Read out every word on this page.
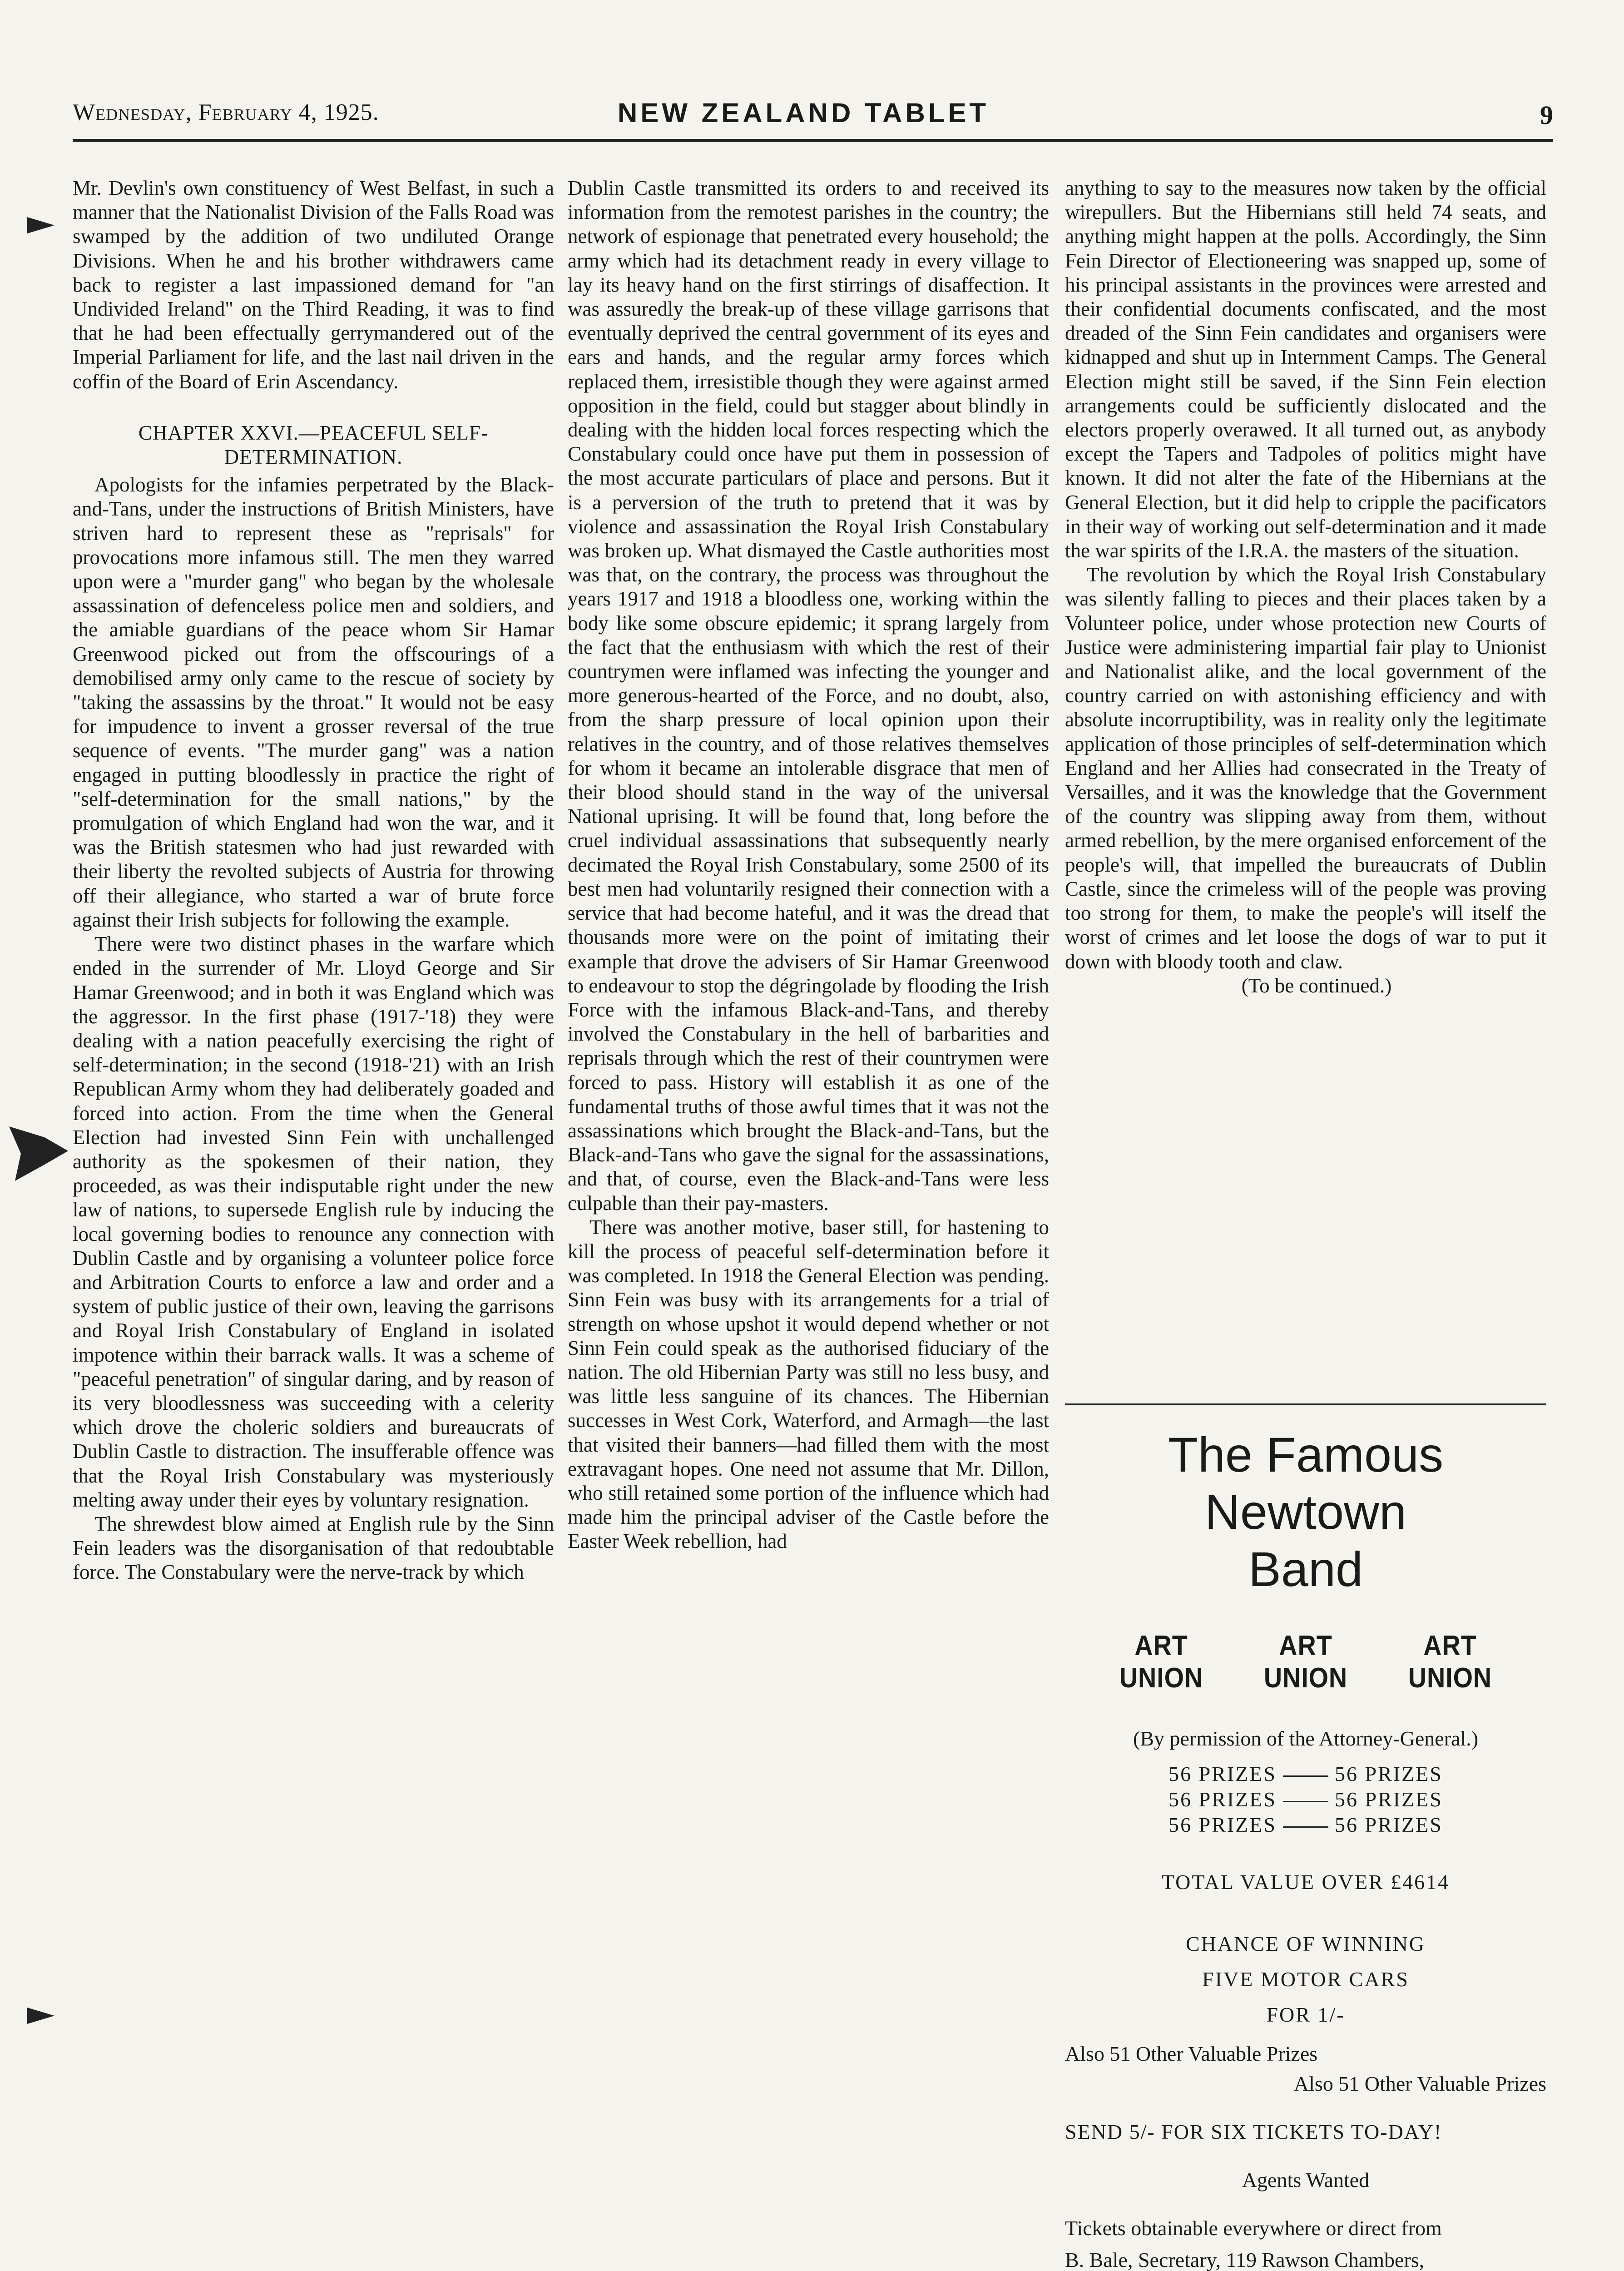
Wednesday, February 4, 1925.	NEW ZEALAND TABLET	9

Mr. Devlin's own constituency of West Belfast, in such a manner that the Nationalist Division of the Falls Road was swamped by the addition of two undiluted Orange Divisions. When he and his brother withdrawers came back to register a last impassioned demand for "an Undivided Ireland" on the Third Reading, it was to find that he had been effectually gerrymandered out of the Imperial Parliament for life, and the last nail driven in the coffin of the Board of Erin Ascendancy.

CHAPTER XXVI.—PEACEFUL SELF-DETERMINATION.

Apologists for the infamies perpetrated by the Black-and-Tans, under the instructions of British Ministers, have striven hard to represent these as "reprisals" for provocations more infamous still. The men they warred upon were a "murder gang" who began by the wholesale assassination of defenceless police men and soldiers, and the amiable guardians of the peace whom Sir Hamar Greenwood picked out from the offscourings of a demobilised army only came to the rescue of society by "taking the assassins by the throat." It would not be easy for impudence to invent a grosser reversal of the true sequence of events. "The murder gang" was a nation engaged in putting bloodlessly in practice the right of "self-determination for the small nations," by the promulgation of which England had won the war, and it was the British statesmen who had just rewarded with their liberty the revolted subjects of Austria for throwing off their allegiance, who started a war of brute force against their Irish subjects for following the example.

There were two distinct phases in the warfare which ended in the surrender of Mr. Lloyd George and Sir Hamar Greenwood; and in both it was England which was the aggressor. In the first phase (1917-'18) they were dealing with a nation peacefully exercising the right of self-determination; in the second (1918-'21) with an Irish Republican Army whom they had deliberately goaded and forced into action. From the time when the General Election had invested Sinn Fein with unchallenged authority as the spokesmen of their nation, they proceeded, as was their indisputable right under the new law of nations, to supersede English rule by inducing the local governing bodies to renounce any connection with Dublin Castle and by organising a volunteer police force and Arbitration Courts to enforce a law and order and a system of public justice of their own, leaving the garrisons and Royal Irish Constabulary of England in isolated impotence within their barrack walls. It was a scheme of "peaceful penetration" of singular daring, and by reason of its very bloodlessness was succeeding with a celerity which drove the choleric soldiers and bureaucrats of Dublin Castle to distraction. The insufferable offence was that the Royal Irish Constabulary was mysteriously melting away under their eyes by voluntary resignation.

The shrewdest blow aimed at English rule by the Sinn Fein leaders was the disorganisation of that redoubtable force. The Constabulary were the nerve-track by which

Dublin Castle transmitted its orders to and received its information from the remotest parishes in the country; the network of espionage that penetrated every household; the army which had its detachment ready in every village to lay its heavy hand on the first stirrings of disaffection. It was assuredly the break-up of these village garrisons that eventually deprived the central government of its eyes and ears and hands, and the regular army forces which replaced them, irresistible though they were against armed opposition in the field, could but stagger about blindly in dealing with the hidden local forces respecting which the Constabulary could once have put them in possession of the most accurate particulars of place and persons. But it is a perversion of the truth to pretend that it was by violence and assassination the Royal Irish Constabulary was broken up. What dismayed the Castle authorities most was that, on the contrary, the process was throughout the years 1917 and 1918 a bloodless one, working within the body like some obscure epidemic; it sprang largely from the fact that the enthusiasm with which the rest of their countrymen were inflamed was infecting the younger and more generous-hearted of the Force, and no doubt, also, from the sharp pressure of local opinion upon their relatives in the country, and of those relatives themselves for whom it became an intolerable disgrace that men of their blood should stand in the way of the universal National uprising. It will be found that, long before the cruel individual assassinations that subsequently nearly decimated the Royal Irish Constabulary, some 2500 of its best men had voluntarily resigned their connection with a service that had become hateful, and it was the dread that thousands more were on the point of imitating their example that drove the advisers of Sir Hamar Greenwood to endeavour to stop the dégringolade by flooding the Irish Force with the infamous Black-and-Tans, and thereby involved the Constabulary in the hell of barbarities and reprisals through which the rest of their countrymen were forced to pass. History will establish it as one of the fundamental truths of those awful times that it was not the assassinations which brought the Black-and-Tans, but the Black-and-Tans who gave the signal for the assassinations, and that, of course, even the Black-and-Tans were less culpable than their pay-masters.

There was another motive, baser still, for hastening to kill the process of peaceful self-determination before it was completed. In 1918 the General Election was pending. Sinn Fein was busy with its arrangements for a trial of strength on whose upshot it would depend whether or not Sinn Fein could speak as the authorised fiduciary of the nation. The old Hibernian Party was still no less busy, and was little less sanguine of its chances. The Hibernian successes in West Cork, Waterford, and Armagh—the last that visited their banners—had filled them with the most extravagant hopes. One need not assume that Mr. Dillon, who still retained some portion of the influence which had made him the principal adviser of the Castle before the Easter Week rebellion, had

anything to say to the measures now taken by the official wirepullers. But the Hibernians still held 74 seats, and anything might happen at the polls. Accordingly, the Sinn Fein Director of Electioneering was snapped up, some of his principal assistants in the provinces were arrested and their confidential documents confiscated, and the most dreaded of the Sinn Fein candidates and organisers were kidnapped and shut up in Internment Camps. The General Election might still be saved, if the Sinn Fein election arrangements could be sufficiently dislocated and the electors properly overawed. It all turned out, as anybody except the Tapers and Tadpoles of politics might have known. It did not alter the fate of the Hibernians at the General Election, but it did help to cripple the pacificators in their way of working out self-determination and it made the war spirits of the I.R.A. the masters of the situation.

The revolution by which the Royal Irish Constabulary was silently falling to pieces and their places taken by a Volunteer police, under whose protection new Courts of Justice were administering impartial fair play to Unionist and Nationalist alike, and the local government of the country carried on with astonishing efficiency and with absolute incorruptibility, was in reality only the legitimate application of those principles of self-determination which England and her Allies had consecrated in the Treaty of Versailles, and it was the knowledge that the Government of the country was slipping away from them, without armed rebellion, by the mere organised enforcement of the people's will, that impelled the bureaucrats of Dublin Castle, since the crimeless will of the people was proving too strong for them, to make the people's will itself the worst of crimes and let loose the dogs of war to put it down with bloody tooth and claw.

(To be continued.)

The Famous Newtown
Band
ART UNION
ART UNION
ART UNION

(By permission of the Attorney-General.)

56 PRIZES	56 PRIZES

56 PRIZES	56 PRIZES

56 PRIZES	56 PRIZES

TOTAL VALUE OVER £4614

CHANCE OF WINNING

FIVE MOTOR CARS

FOR 1/-

Also 51 Other Valuable Prizes

Also 51 Other Valuable Prizes

SEND 5/- FOR SIX TICKETS TO-DAY!

Agents Wanted

Tickets obtainable everywhere or direct from

B. Bale, Secretary, 119 Rawson Chambers,
